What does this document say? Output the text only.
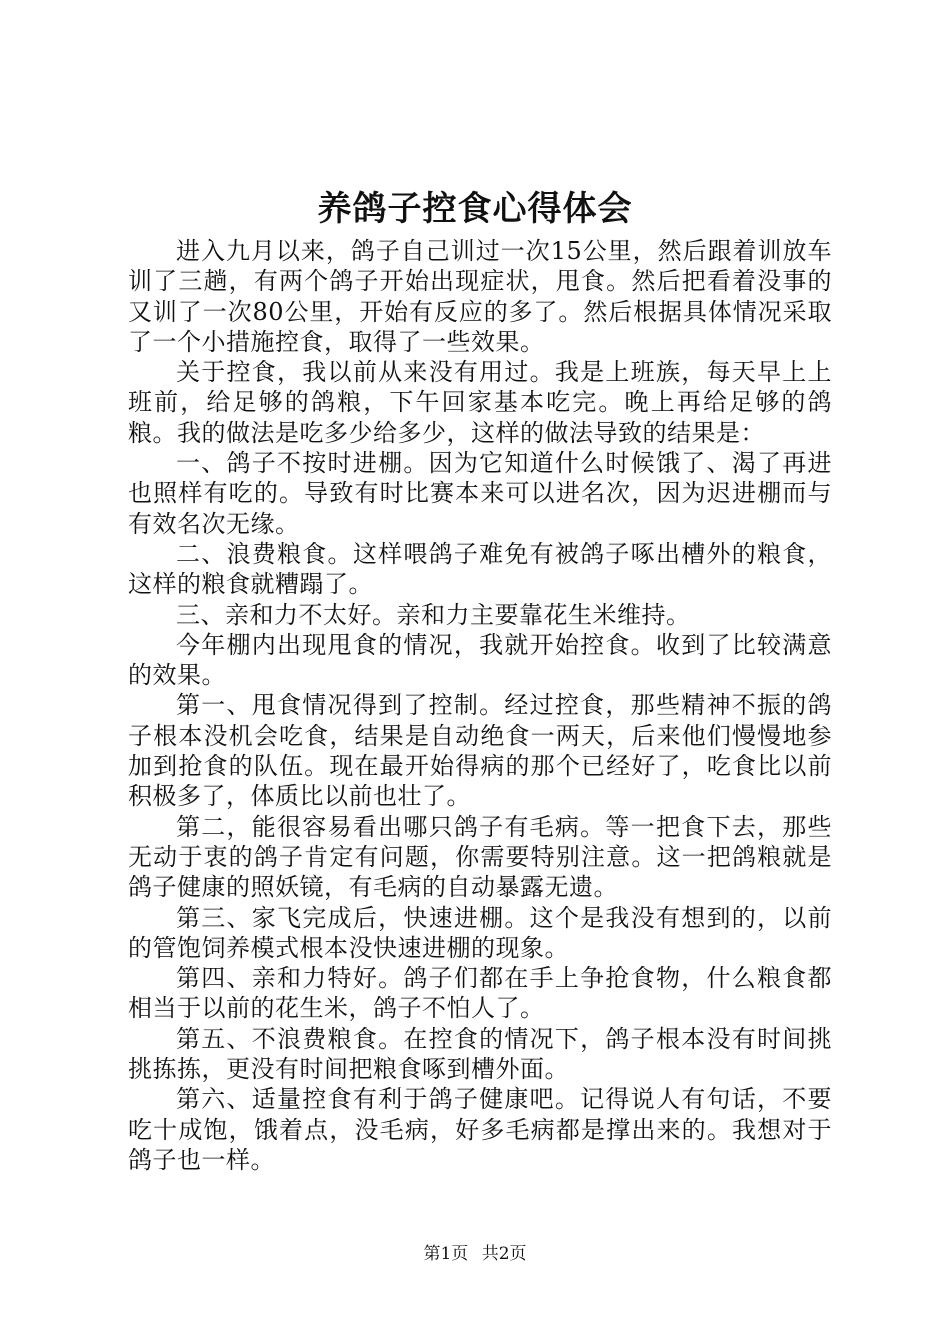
养鸽子控食心得体会

进入九月以来，鸽子自己训过一次15公里，然后跟着训放车训了三趟，有两个鸽子开始出现症状，甩食。然后把看着没事的又训了一次80公里，开始有反应的多了。然后根据具体情况采取了一个小措施控食，取得了一些效果。

关于控食，我以前从来没有用过。我是上班族，每天早上上班前，给足够的鸽粮，下午回家基本吃完。晚上再给足够的鸽粮。我的做法是吃多少给多少，这样的做法导致的结果是：

一、鸽子不按时进棚。因为它知道什么时候饿了、渴了再进也照样有吃的。导致有时比赛本来可以进名次，因为迟进棚而与有效名次无缘。

二、浪费粮食。这样喂鸽子难免有被鸽子啄出槽外的粮食，这样的粮食就糟蹋了。

三、亲和力不太好。亲和力主要靠花生米维持。

今年棚内出现甩食的情况，我就开始控食。收到了比较满意的效果。

第一、甩食情况得到了控制。经过控食，那些精神不振的鸽子根本没机会吃食，结果是自动绝食一两天，后来他们慢慢地参加到抢食的队伍。现在最开始得病的那个已经好了，吃食比以前积极多了，体质比以前也壮了。

第二，能很容易看出哪只鸽子有毛病。等一把食下去，那些无动于衷的鸽子肯定有问题，你需要特别注意。这一把鸽粮就是鸽子健康的照妖镜，有毛病的自动暴露无遗。

第三、家飞完成后，快速进棚。这个是我没有想到的，以前的管饱饲养模式根本没快速进棚的现象。

第四、亲和力特好。鸽子们都在手上争抢食物，什么粮食都相当于以前的花生米，鸽子不怕人了。

第五、不浪费粮食。在控食的情况下，鸽子根本没有时间挑挑拣拣，更没有时间把粮食啄到槽外面。

第六、适量控食有利于鸽子健康吧。记得说人有句话，不要吃十成饱，饿着点，没毛病，好多毛病都是撑出来的。我想对于鸽子也一样。

第1页 共2页
